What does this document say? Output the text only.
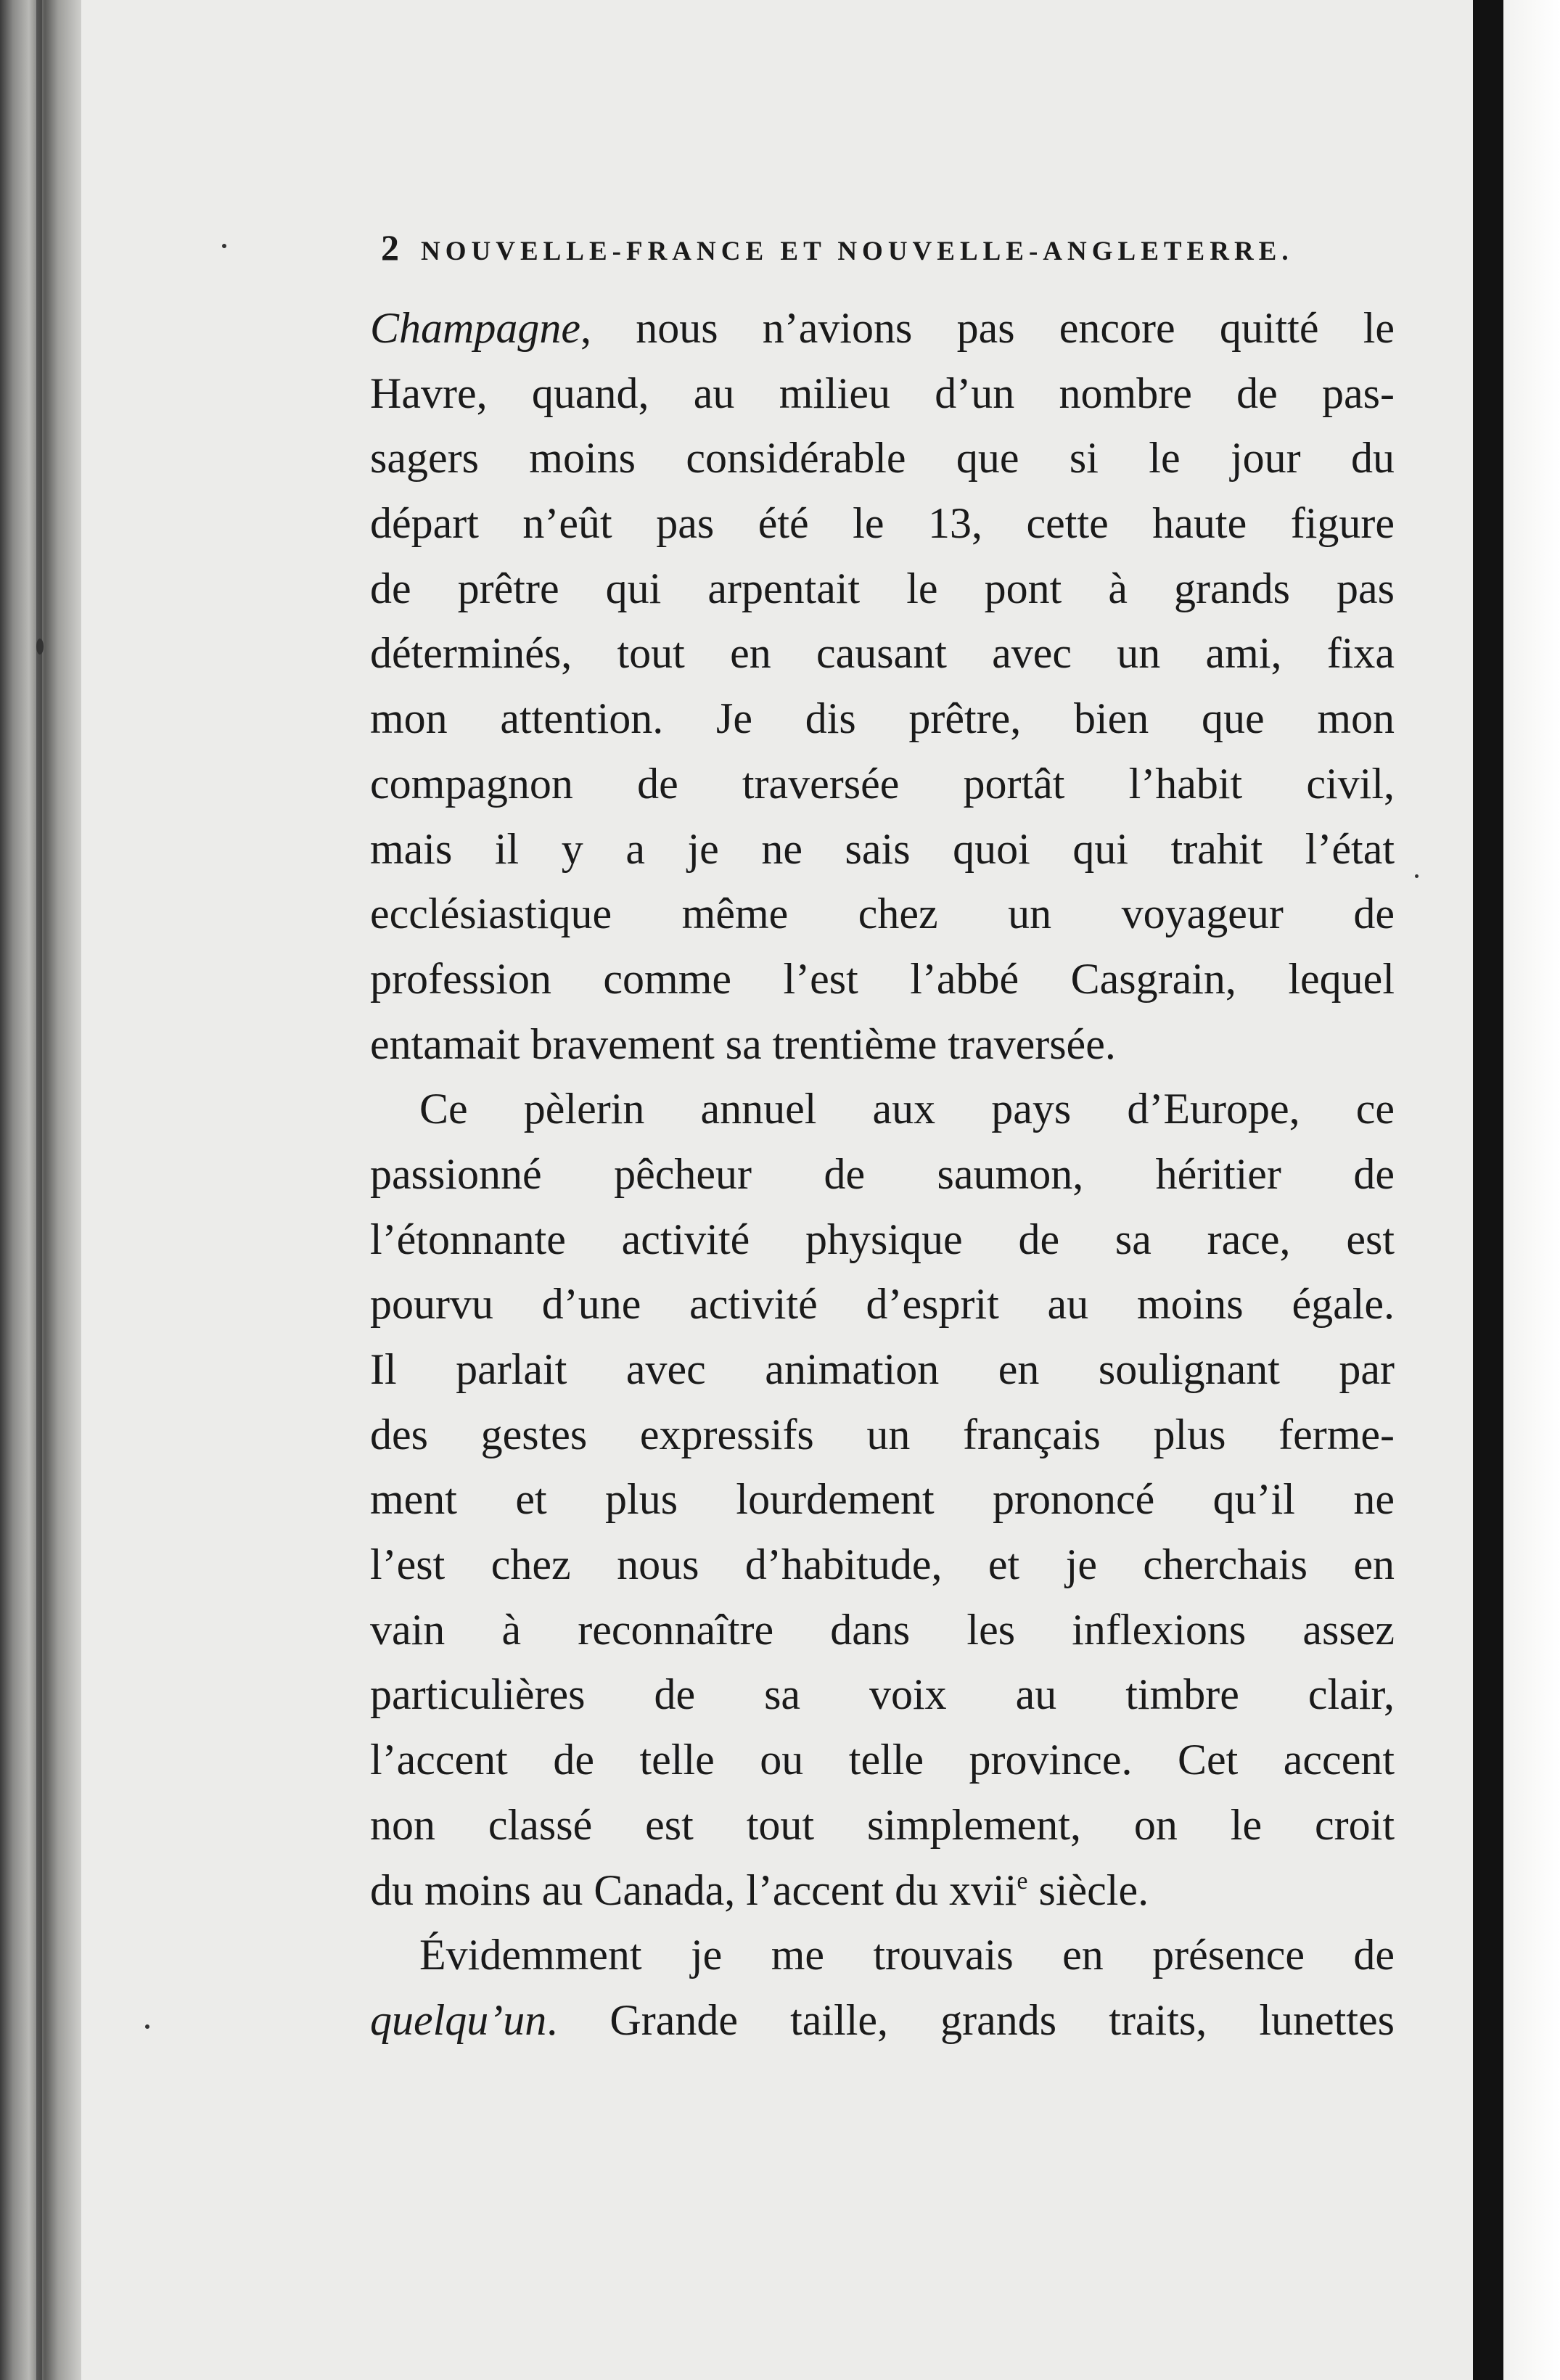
2 NOUVELLE-FRANCE ET NOUVELLE-ANGLETERRE.
Champagne, nous n’avions pas encore quitté le
Havre, quand, au milieu d’un nombre de pas-
sagers moins considérable que si le jour du
départ n’eût pas été le 13, cette haute figure
de prêtre qui arpentait le pont à grands pas
déterminés, tout en causant avec un ami, fixa
mon attention. Je dis prêtre, bien que mon
compagnon de traversée portât l’habit civil,
mais il y a je ne sais quoi qui trahit l’état
ecclésiastique même chez un voyageur de
profession comme l’est l’abbé Casgrain, lequel
entamait bravement sa trentième traversée.
Ce pèlerin annuel aux pays d’Europe, ce
passionné pêcheur de saumon, héritier de
l’étonnante activité physique de sa race, est
pourvu d’une activité d’esprit au moins égale.
Il parlait avec animation en soulignant par
des gestes expressifs un français plus ferme-
ment et plus lourdement prononcé qu’il ne
l’est chez nous d’habitude, et je cherchais en
vain à reconnaître dans les inflexions assez
particulières de sa voix au timbre clair,
l’accent de telle ou telle province. Cet accent
non classé est tout simplement, on le croit
du moins au Canada, l’accent du xvii$^e$ siècle.
Évidemment je me trouvais en présence de
quelqu’un. Grande taille, grands traits, lunettes
